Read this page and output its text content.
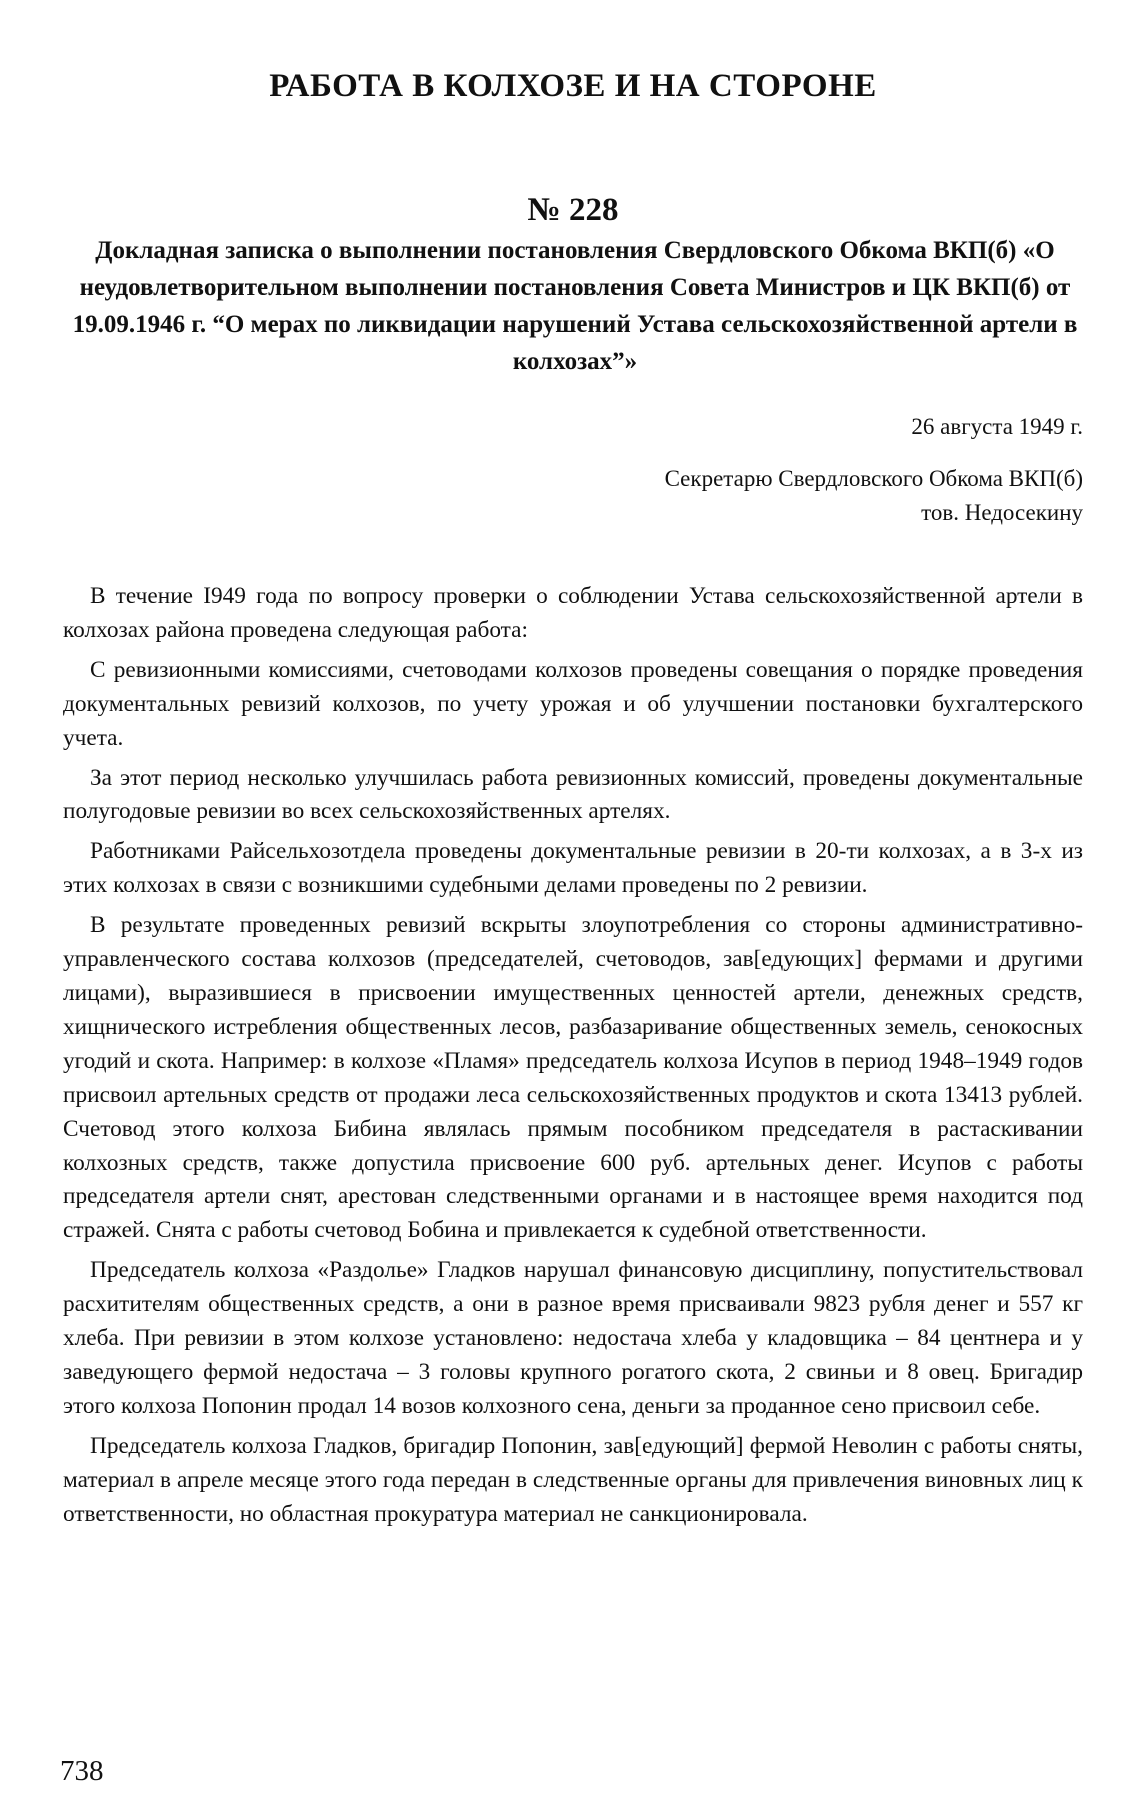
РАБОТА В КОЛХОЗЕ И НА СТОРОНЕ
№ 228
Докладная записка о выполнении постановления Свердловского Обкома ВКП(б) «О неудовлетворительном выполнении постановления Совета Министров и ЦК ВКП(б) от 19.09.1946 г. “О мерах по ликвидации нарушений Устава сельскохозяйственной артели в колхозах”»
26 августа 1949 г.
Секретарю Свердловского Обкома ВКП(б)
тов. Недосекину

В течение I949 года по вопросу проверки о соблюдении Устава сельскохозяйственной артели в колхозах района проведена следующая работа:

С ревизионными комиссиями, счетоводами колхозов проведены совещания о порядке проведения документальных ревизий колхозов, по учету урожая и об улучшении постановки бухгалтерского учета.

За этот период несколько улучшилась работа ревизионных комиссий, проведены документальные полугодовые ревизии во всех сельскохозяйственных артелях.

Работниками Райсельхозотдела проведены документальные ревизии в 20-ти колхозах, а в 3-х из этих колхозах в связи с возникшими судебными делами проведены по 2 ревизии.

В результате проведенных ревизий вскрыты злоупотребления со стороны административно-управленческого состава колхозов (председателей, счетоводов, зав[едующих] фермами и другими лицами), выразившиеся в присвоении имущественных ценностей артели, денежных средств, хищнического истребления общественных лесов, разбазаривание общественных земель, сенокосных угодий и скота. Например: в колхозе «Пламя» председатель колхоза Исупов в период 1948–1949 годов присвоил артельных средств от продажи леса сельскохозяйственных продуктов и скота 13413 рублей. Счетовод этого колхоза Бибина являлась прямым пособником председателя в растаскивании колхозных средств, также допустила присвоение 600 руб. артельных денег. Исупов с работы председателя артели снят, арестован следственными органами и в настоящее время находится под стражей. Снята с работы счетовод Бобина и привлекается к судебной ответственности.

Председатель колхоза «Раздолье» Гладков нарушал финансовую дисциплину, попустительствовал расхитителям общественных средств, а они в разное время присваивали 9823 рубля денег и 557 кг хлеба. При ревизии в этом колхозе установлено: недостача хлеба у кладовщика – 84 центнера и у заведующего фермой недостача – 3 головы крупного рогатого скота, 2 свиньи и 8 овец. Бригадир этого колхоза Попонин продал 14 возов колхозного сена, деньги за проданное сено присвоил себе.

Председатель колхоза Гладков, бригадир Попонин, зав[едующий] фермой Неволин с работы сняты, материал в апреле месяце этого года передан в следственные органы для привлечения виновных лиц к ответственности, но областная прокуратура материал не санкционировала.

738
